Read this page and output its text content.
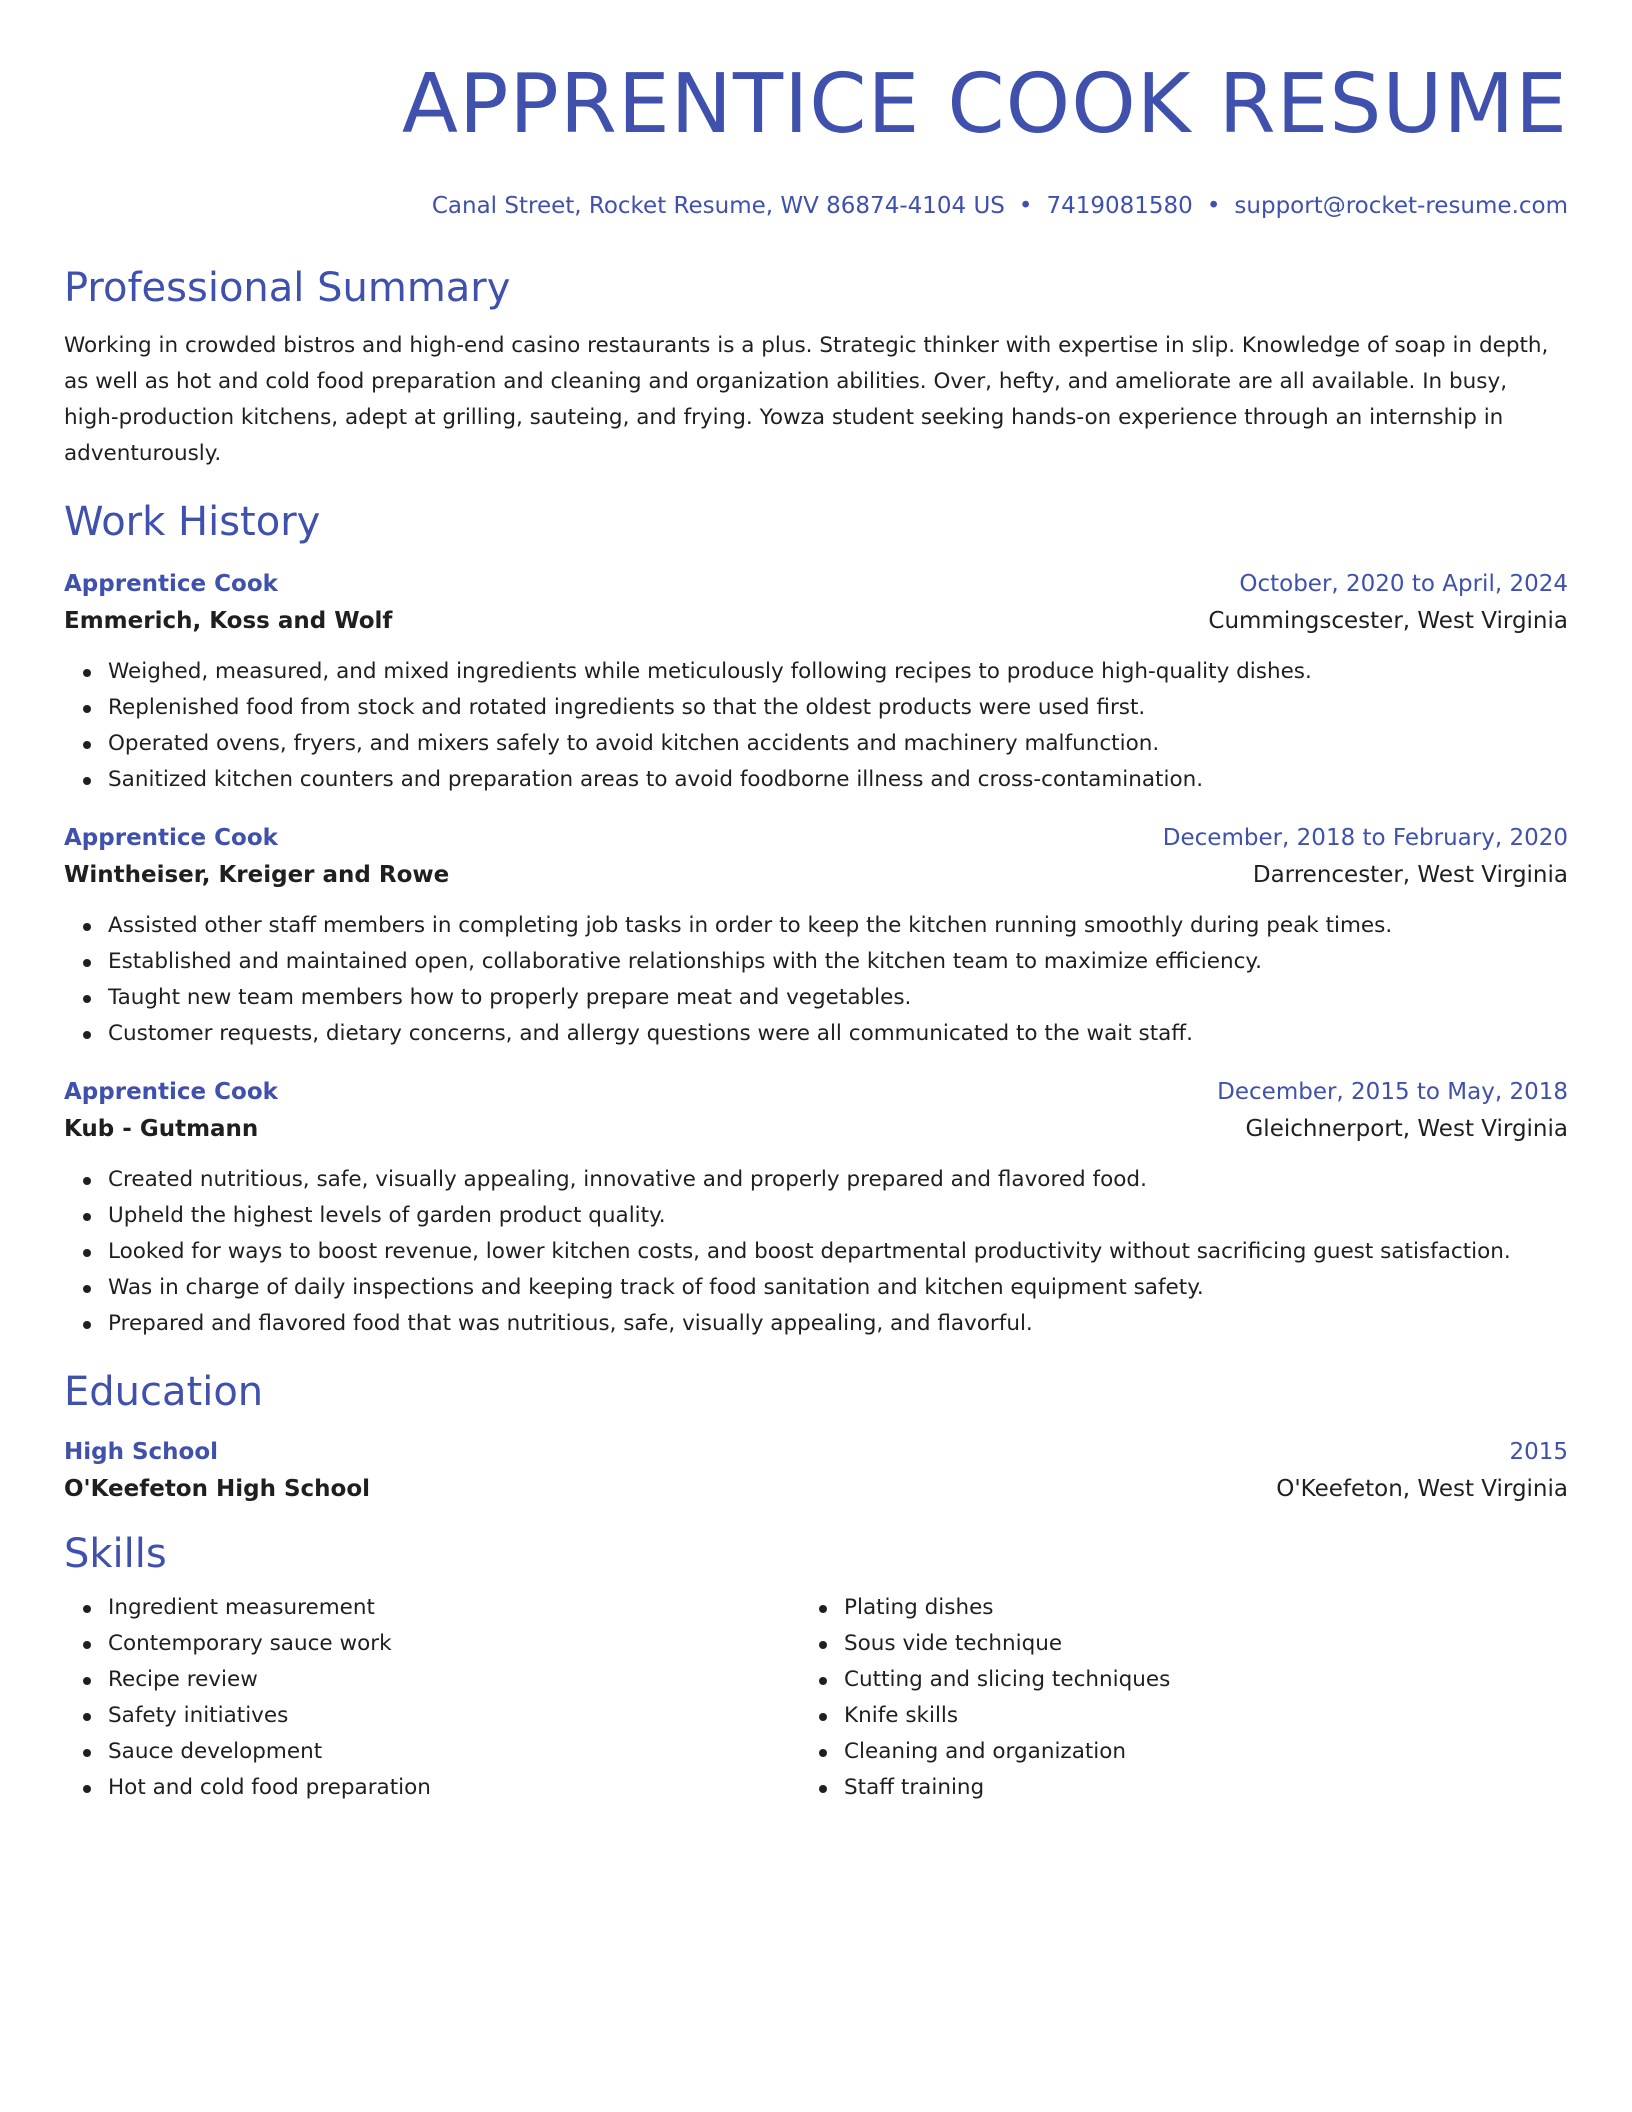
APPRENTICE COOK RESUME
Canal Street, Rocket Resume, WV 86874-4104 US • 7419081580 • support@rocket-resume.com
Professional Summary
Working in crowded bistros and high-end casino restaurants is a plus. Strategic thinker with expertise in slip. Knowledge of soap in depth, as well as hot and cold food preparation and cleaning and organization abilities. Over, hefty, and ameliorate are all available. In busy, high-production kitchens, adept at grilling, sauteing, and frying. Yowza student seeking hands-on experience through an internship in adventurously.
Work History
Apprentice Cook	October, 2020 to April, 2024
Emmerich, Koss and Wolf	Cummingscester, West Virginia
Weighed, measured, and mixed ingredients while meticulously following recipes to produce high-quality dishes.
Replenished food from stock and rotated ingredients so that the oldest products were used first.
Operated ovens, fryers, and mixers safely to avoid kitchen accidents and machinery malfunction.
Sanitized kitchen counters and preparation areas to avoid foodborne illness and cross-contamination.
Apprentice Cook	December, 2018 to February, 2020
Wintheiser, Kreiger and Rowe	Darrencester, West Virginia
Assisted other staff members in completing job tasks in order to keep the kitchen running smoothly during peak times.
Established and maintained open, collaborative relationships with the kitchen team to maximize efficiency.
Taught new team members how to properly prepare meat and vegetables.
Customer requests, dietary concerns, and allergy questions were all communicated to the wait staff.
Apprentice Cook	December, 2015 to May, 2018
Kub - Gutmann	Gleichnerport, West Virginia
Created nutritious, safe, visually appealing, innovative and properly prepared and flavored food.
Upheld the highest levels of garden product quality.
Looked for ways to boost revenue, lower kitchen costs, and boost departmental productivity without sacrificing guest satisfaction.
Was in charge of daily inspections and keeping track of food sanitation and kitchen equipment safety.
Prepared and flavored food that was nutritious, safe, visually appealing, and flavorful.
Education
High School	2015
O'Keefeton High School	O'Keefeton, West Virginia
Skills
Ingredient measurement
Contemporary sauce work
Recipe review
Safety initiatives
Sauce development
Hot and cold food preparation
Plating dishes
Sous vide technique
Cutting and slicing techniques
Knife skills
Cleaning and organization
Staff training
